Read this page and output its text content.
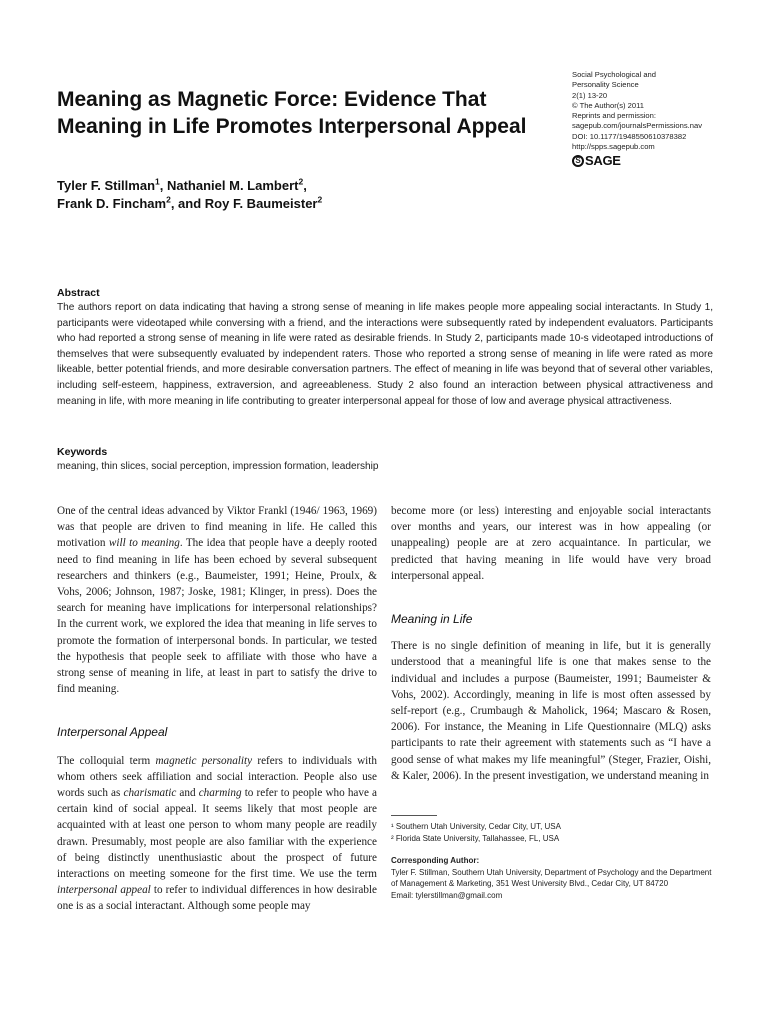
Meaning as Magnetic Force: Evidence That Meaning in Life Promotes Interpersonal Appeal
Social Psychological and Personality Science
2(1) 13-20
© The Author(s) 2011
Reprints and permission:
sagepub.com/journalsPermissions.nav
DOI: 10.1177/1948550610378382
http://spps.sagepub.com
S SAGE
Tyler F. Stillman$^1$, Nathaniel M. Lambert$^2$,
Frank D. Fincham$^2$, and Roy F. Baumeister$^2$
Abstract

The authors report on data indicating that having a strong sense of meaning in life makes people more appealing social interactants. In Study 1, participants were videotaped while conversing with a friend, and the interactions were subsequently rated by independent evaluators. Participants who had reported a strong sense of meaning in life were rated as desirable friends. In Study 2, participants made 10-s videotaped introductions of themselves that were subsequently evaluated by independent raters. Those who reported a strong sense of meaning in life were rated as more likeable, better potential friends, and more desirable conversation partners. The effect of meaning in life was beyond that of several other variables, including self-esteem, happiness, extraversion, and agreeableness. Study 2 also found an interaction between physical attractiveness and meaning in life, with more meaning in life contributing to greater interpersonal appeal for those of low and average physical attractiveness.

Keywords
meaning, thin slices, social perception, impression formation, leadership

One of the central ideas advanced by Viktor Frankl (1946/ 1963, 1969) was that people are driven to find meaning in life. He called this motivation will to meaning. The idea that people have a deeply rooted need to find meaning in life has been echoed by several subsequent researchers and thinkers (e.g., Baumeister, 1991; Heine, Proulx, & Vohs, 2006; Johnson, 1987; Joske, 1981; Klinger, in press). Does the search for meaning have implications for interpersonal relationships? In the current work, we explored the idea that meaning in life serves to promote the formation of interpersonal bonds. In particular, we tested the hypothesis that people seek to affiliate with those who have a strong sense of meaning in life, at least in part to satisfy the drive to find meaning.

Interpersonal Appeal

The colloquial term magnetic personality refers to individuals with whom others seek affiliation and social interaction. People also use words such as charismatic and charming to refer to people who have a certain kind of social appeal. It seems likely that most people are acquainted with at least one person to whom many people are readily drawn. Presumably, most people are also familiar with the experience of being distinctly unenthusiastic about the prospect of future interactions on meeting someone for the first time. We use the term interpersonal appeal to refer to individual differences in how desirable one is as a social interactant. Although some people may

become more (or less) interesting and enjoyable social interactants over months and years, our interest was in how appealing (or unappealing) people are at zero acquaintance. In particular, we predicted that having meaning in life would have very broad interpersonal appeal.

Meaning in Life

There is no single definition of meaning in life, but it is generally understood that a meaningful life is one that makes sense to the individual and includes a purpose (Baumeister, 1991; Baumeister & Vohs, 2002). Accordingly, meaning in life is most often assessed by self-report (e.g., Crumbaugh & Maholick, 1964; Mascaro & Rosen, 2006). For instance, the Meaning in Life Questionnaire (MLQ) asks participants to rate their agreement with statements such as “I have a good sense of what makes my life meaningful” (Steger, Frazier, Oishi, & Kaler, 2006). In the present investigation, we understand meaning in

¹ Southern Utah University, Cedar City, UT, USA
² Florida State University, Tallahassee, FL, USA
Corresponding Author:

Tyler F. Stillman, Southern Utah University, Department of Psychology and the Department of Management & Marketing, 351 West University Blvd., Cedar City, UT 84720

Email: tylerstillman@gmail.com
